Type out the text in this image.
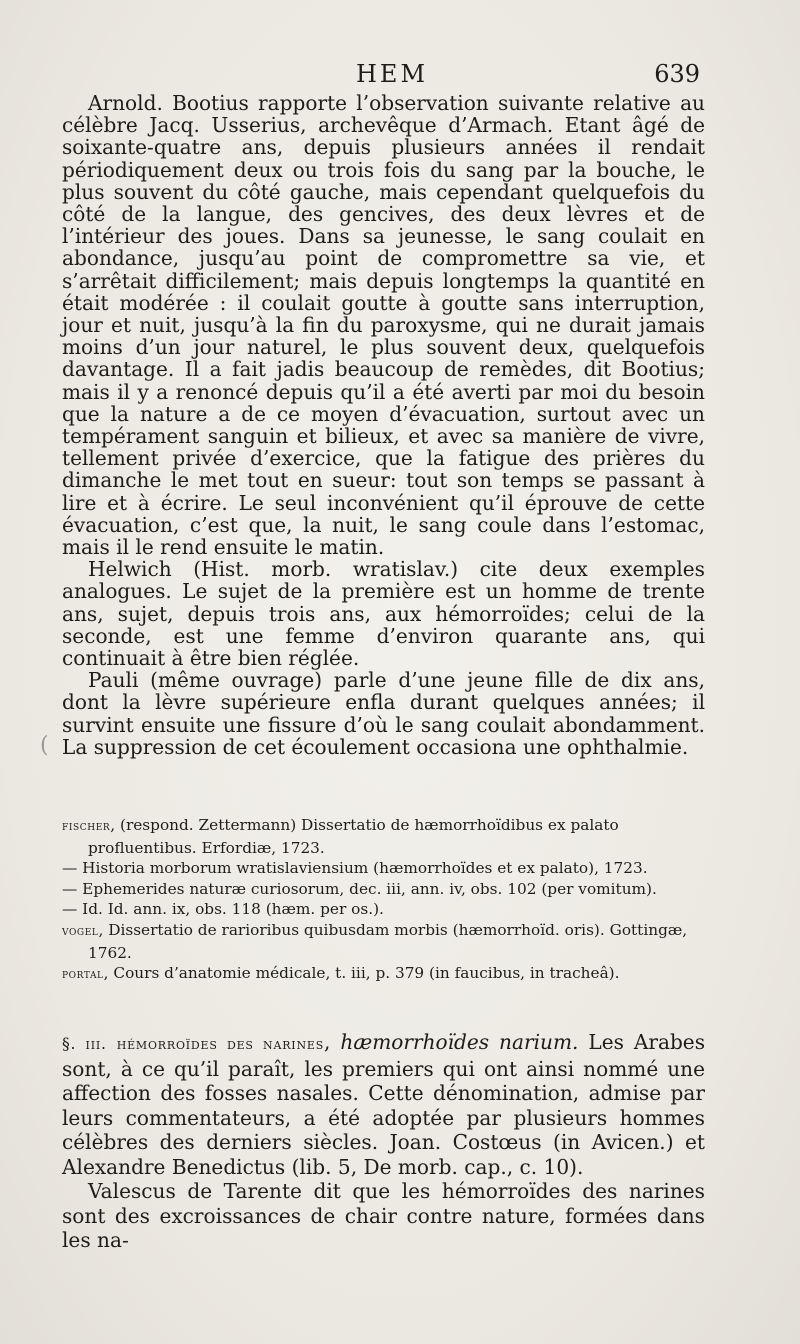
HEM	639

Arnold. Bootius rapporte l’observation suivante relative au célèbre Jacq. Usserius, archevêque d’Armach. Etant âgé de soixante-quatre ans, depuis plusieurs années il rendait périodiquement deux ou trois fois du sang par la bouche, le plus souvent du côté gauche, mais cependant quelquefois du côté de la langue, des gencives, des deux lèvres et de l’intérieur des joues. Dans sa jeunesse, le sang coulait en abondance, jusqu’au point de compromettre sa vie, et s’arrêtait difficilement; mais depuis longtemps la quantité en était modérée : il coulait goutte à goutte sans interruption, jour et nuit, jusqu’à la fin du paroxysme, qui ne durait jamais moins d’un jour naturel, le plus souvent deux, quelquefois davantage. Il a fait jadis beaucoup de remèdes, dit Bootius; mais il y a renoncé depuis qu’il a été averti par moi du besoin que la nature a de ce moyen d’évacuation, surtout avec un tempérament sanguin et bilieux, et avec sa manière de vivre, tellement privée d’exercice, que la fatigue des prières du dimanche le met tout en sueur: tout son temps se passant à lire et à écrire. Le seul inconvénient qu’il éprouve de cette évacuation, c’est que, la nuit, le sang coule dans l’estomac, mais il le rend ensuite le matin.

Helwich (Hist. morb. wratislav.) cite deux exemples analogues. Le sujet de la première est un homme de trente ans, sujet, depuis trois ans, aux hémorroïdes; celui de la seconde, est une femme d’environ quarante ans, qui continuait à être bien réglée.

Pauli (même ouvrage) parle d’une jeune fille de dix ans, dont la lèvre supérieure enfla durant quelques années; il survint ensuite une fissure d’où le sang coulait abondamment. La suppression de cet écoulement occasiona une ophthalmie.

(

fischer, (respond. Zettermann) Dissertatio de hæmorrhoïdibus ex palato profluentibus. Erfordiæ, 1723.

— Historia morborum wratislaviensium (hæmorrhoïdes et ex palato), 1723.

— Ephemerides naturæ curiosorum, dec. iii, ann. iv, obs. 102 (per vomitum).

— Id. Id. ann. ix, obs. 118 (hæm. per os.).

vogel, Dissertatio de rarioribus quibusdam morbis (hæmorrhoïd. oris). Gottingæ, 1762.

portal, Cours d’anatomie médicale, t. iii, p. 379 (in faucibus, in tracheâ).

§. iii. hémorroïdes des narines, hæmorrhoïdes narium. Les Arabes sont, à ce qu’il paraît, les premiers qui ont ainsi nommé une affection des fosses nasales. Cette dénomination, admise par leurs commentateurs, a été adoptée par plusieurs hommes célèbres des derniers siècles. Joan. Costœus (in Avicen.) et Alexandre Benedictus (lib. 5, De morb. cap., c. 10).

Valescus de Tarente dit que les hémorroïdes des narines sont des excroissances de chair contre nature, formées dans les na-
